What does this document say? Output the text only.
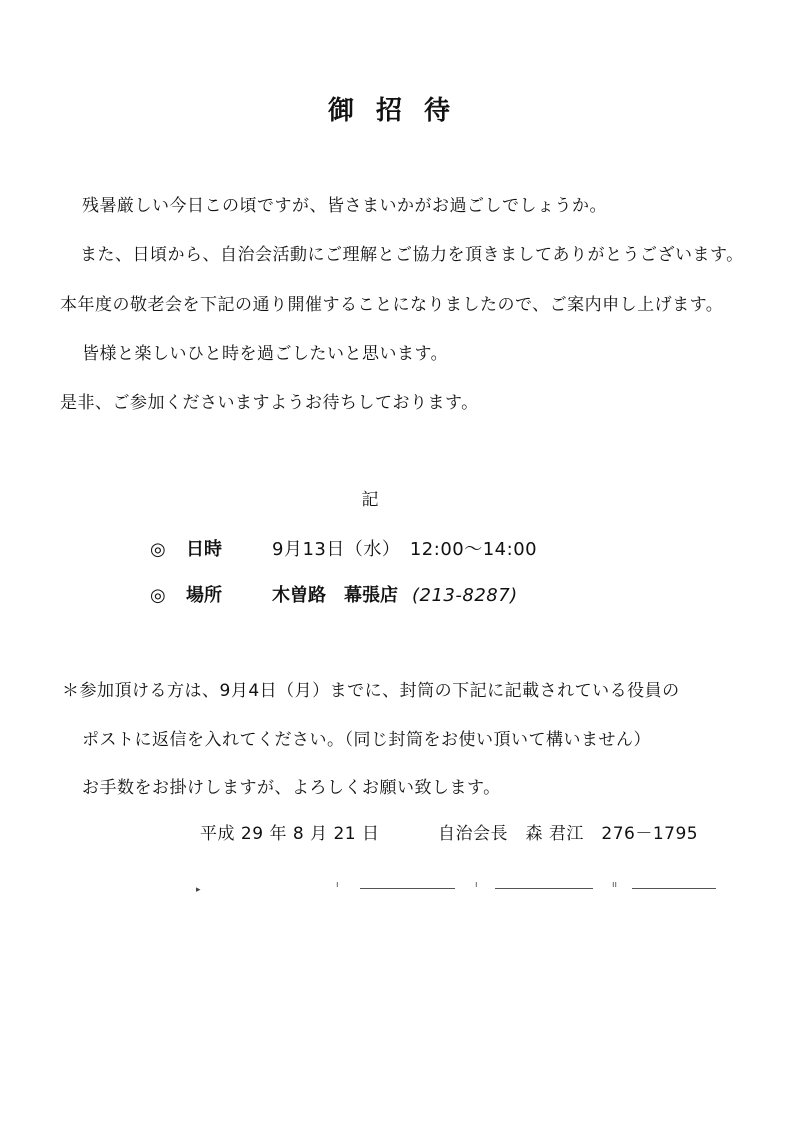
御招待
残暑厳しい今日この頃ですが、皆さまいかがお過ごしでしょうか。
また、日頃から、自治会活動にご理解とご協力を頂きましてありがとうございます。
本年度の敬老会を下記の通り開催することになりましたので、ご案内申し上げます。
皆様と楽しいひと時を過ごしたいと思います。
是非、ご参加くださいますようお待ちしております。
記
◎ 日時	9月13日（水）　12:00～14:00
◎ 場所	木曽路　幕張店 (213-8287)
＊参加頂ける方は、9月4日（月）までに、封筒の下記に記載されている役員の
ポストに返信を入れてください。（同じ封筒をお使い頂いて構いません）
お手数をお掛けしますが、よろしくお願い致します。
平成 29 年 8 月 21 日	自治会長　森 君江　276－1795
▸	ı	ı	ıı
